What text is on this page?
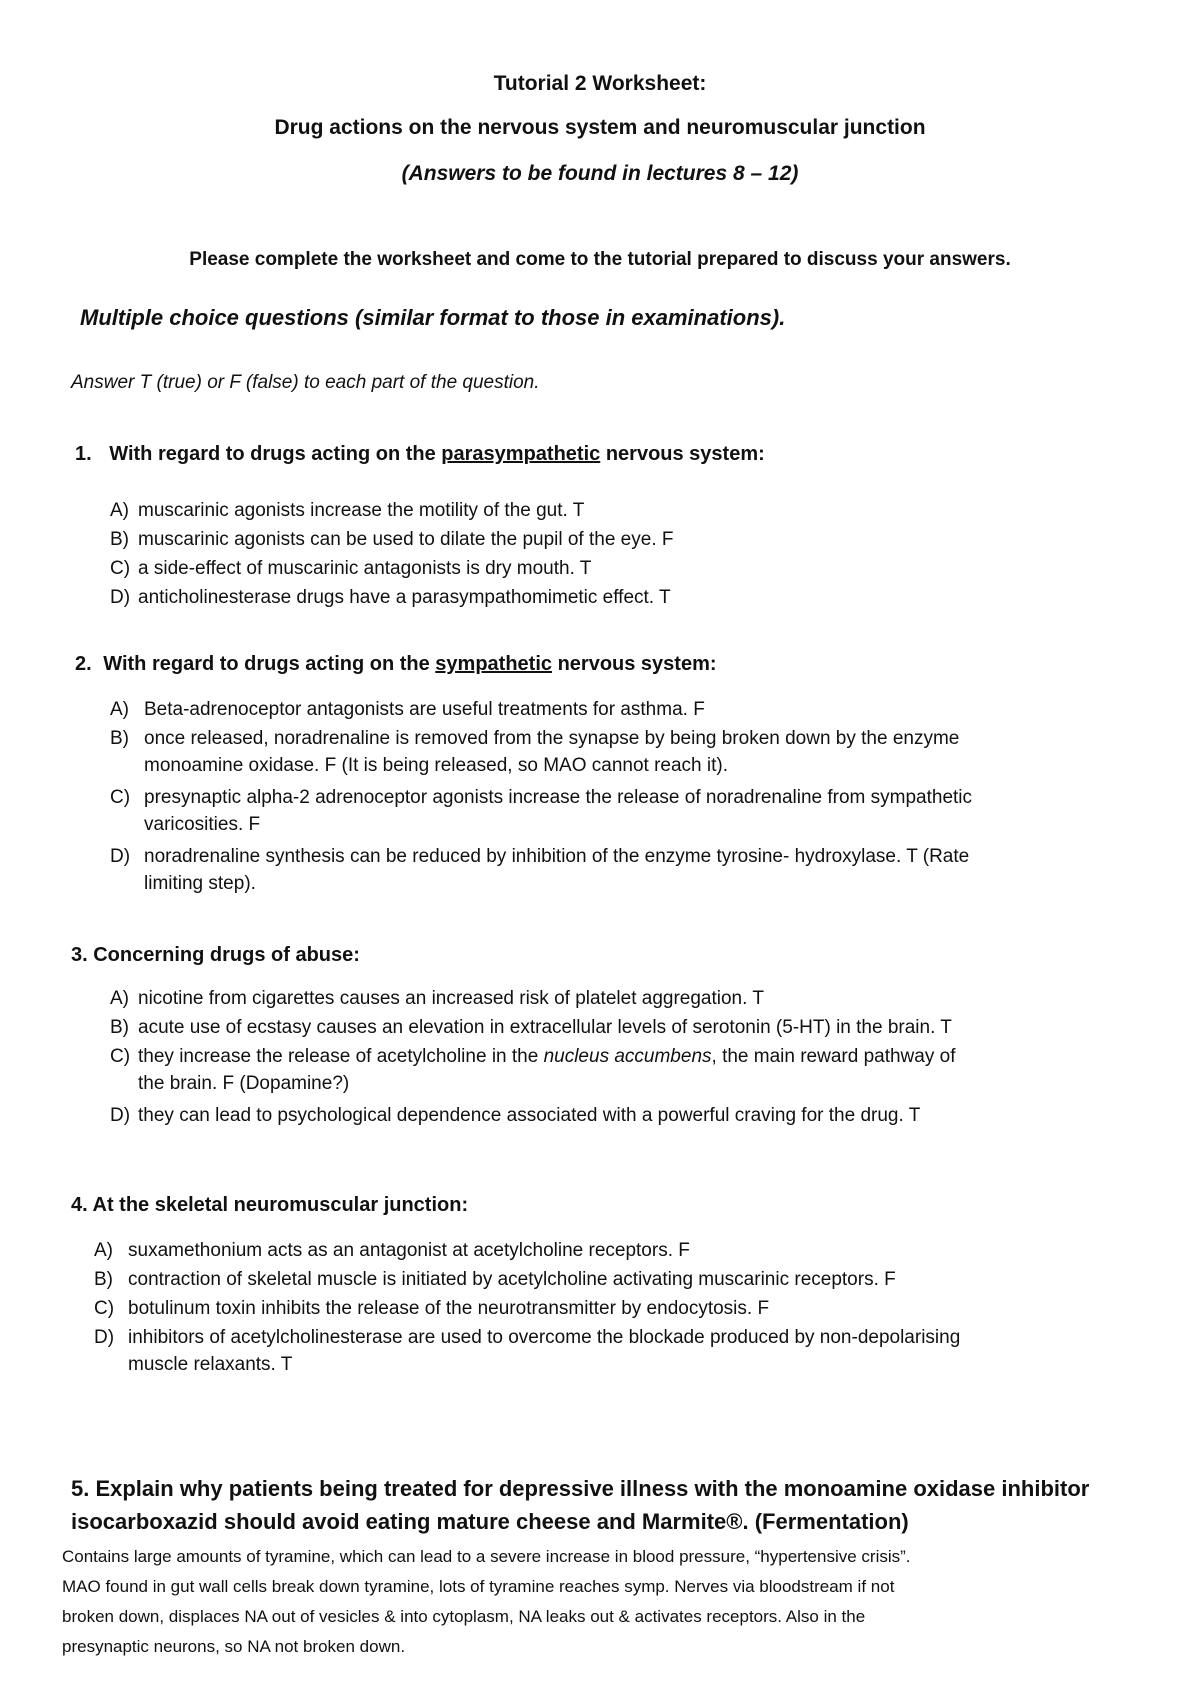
Tutorial 2 Worksheet:
Drug actions on the nervous system and neuromuscular junction
(Answers to be found in lectures 8 – 12)
Please complete the worksheet and come to the tutorial prepared to discuss your answers.
Multiple choice questions (similar format to those in examinations).
Answer T (true) or F (false) to each part of the question.
1. With regard to drugs acting on the parasympathetic nervous system:
A) muscarinic agonists increase the motility of the gut. T
B) muscarinic agonists can be used to dilate the pupil of the eye. F
C) a side-effect of muscarinic antagonists is dry mouth. T
D) anticholinesterase drugs have a parasympathomimetic effect. T
2. With regard to drugs acting on the sympathetic nervous system:
A) Beta-adrenoceptor antagonists are useful treatments for asthma. F
B) once released, noradrenaline is removed from the synapse by being broken down by the enzyme
monoamine oxidase. F (It is being released, so MAO cannot reach it).
C) presynaptic alpha-2 adrenoceptor agonists increase the release of noradrenaline from sympathetic
varicosities. F
D) noradrenaline synthesis can be reduced by inhibition of the enzyme tyrosine- hydroxylase. T (Rate
limiting step).
3. Concerning drugs of abuse:
A) nicotine from cigarettes causes an increased risk of platelet aggregation. T
B) acute use of ecstasy causes an elevation in extracellular levels of serotonin (5-HT) in the brain. T
C) they increase the release of acetylcholine in the nucleus accumbens, the main reward pathway of
the brain. F (Dopamine?)
D) they can lead to psychological dependence associated with a powerful craving for the drug. T
4. At the skeletal neuromuscular junction:
A) suxamethonium acts as an antagonist at acetylcholine receptors. F
B) contraction of skeletal muscle is initiated by acetylcholine activating muscarinic receptors. F
C) botulinum toxin inhibits the release of the neurotransmitter by endocytosis. F
D) inhibitors of acetylcholinesterase are used to overcome the blockade produced by non-depolarising
muscle relaxants. T
5. Explain why patients being treated for depressive illness with the monoamine oxidase inhibitor
isocarboxazid should avoid eating mature cheese and Marmite®. (Fermentation)
Contains large amounts of tyramine, which can lead to a severe increase in blood pressure, “hypertensive crisis”.
MAO found in gut wall cells break down tyramine, lots of tyramine reaches symp. Nerves via bloodstream if not
broken down, displaces NA out of vesicles & into cytoplasm, NA leaks out & activates receptors. Also in the
presynaptic neurons, so NA not broken down.
